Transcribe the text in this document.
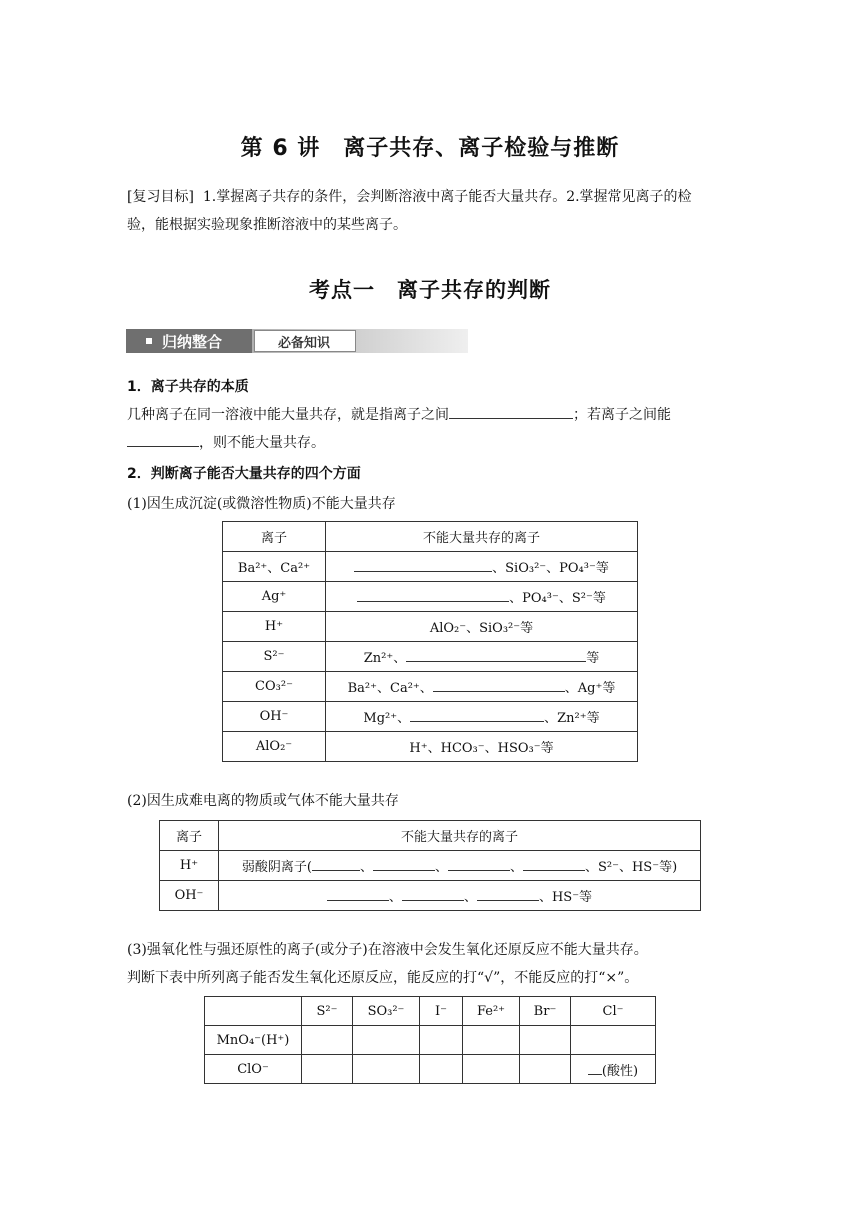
第 6 讲　离子共存、离子检验与推断
[复习目标] 1.掌握离子共存的条件，会判断溶液中离子能否大量共存。2.掌握常见离子的检
验，能根据实验现象推断溶液中的某些离子。
考点一　离子共存的判断
归纳整合	必备知识
1．离子共存的本质
几种离子在同一溶液中能大量共存，就是指离子之间	；若离子之间能
，则不能大量共存。
2．判断离子能否大量共存的四个方面
(1)因生成沉淀(或微溶性物质)不能大量共存
离子	不能大量共存的离子
Ba²⁺、Ca²⁺	、SiO₃²⁻、PO₄³⁻等
Ag⁺	、PO₄³⁻、S²⁻等
H⁺	AlO₂⁻、SiO₃²⁻等
S²⁻	Zn²⁺、 等
CO₃²⁻	Ba²⁺、Ca²⁺、 、Ag⁺等
OH⁻	Mg²⁺、 、Zn²⁺等
AlO₂⁻	H⁺、HCO₃⁻、HSO₃⁻等
(2)因生成难电离的物质或气体不能大量共存
离子	不能大量共存的离子
H⁺	弱酸阴离子( 、 、 、 、S²⁻、HS⁻等)
OH⁻	、 、 、HS⁻等
(3)强氧化性与强还原性的离子(或分子)在溶液中会发生氧化还原反应不能大量共存。
判断下表中所列离子能否发生氧化还原反应，能反应的打“√”，不能反应的打“×”。
	S²⁻	SO₃²⁻	I⁻	Fe²⁺	Br⁻	Cl⁻
MnO₄⁻(H⁺)						
ClO⁻						(酸性)
